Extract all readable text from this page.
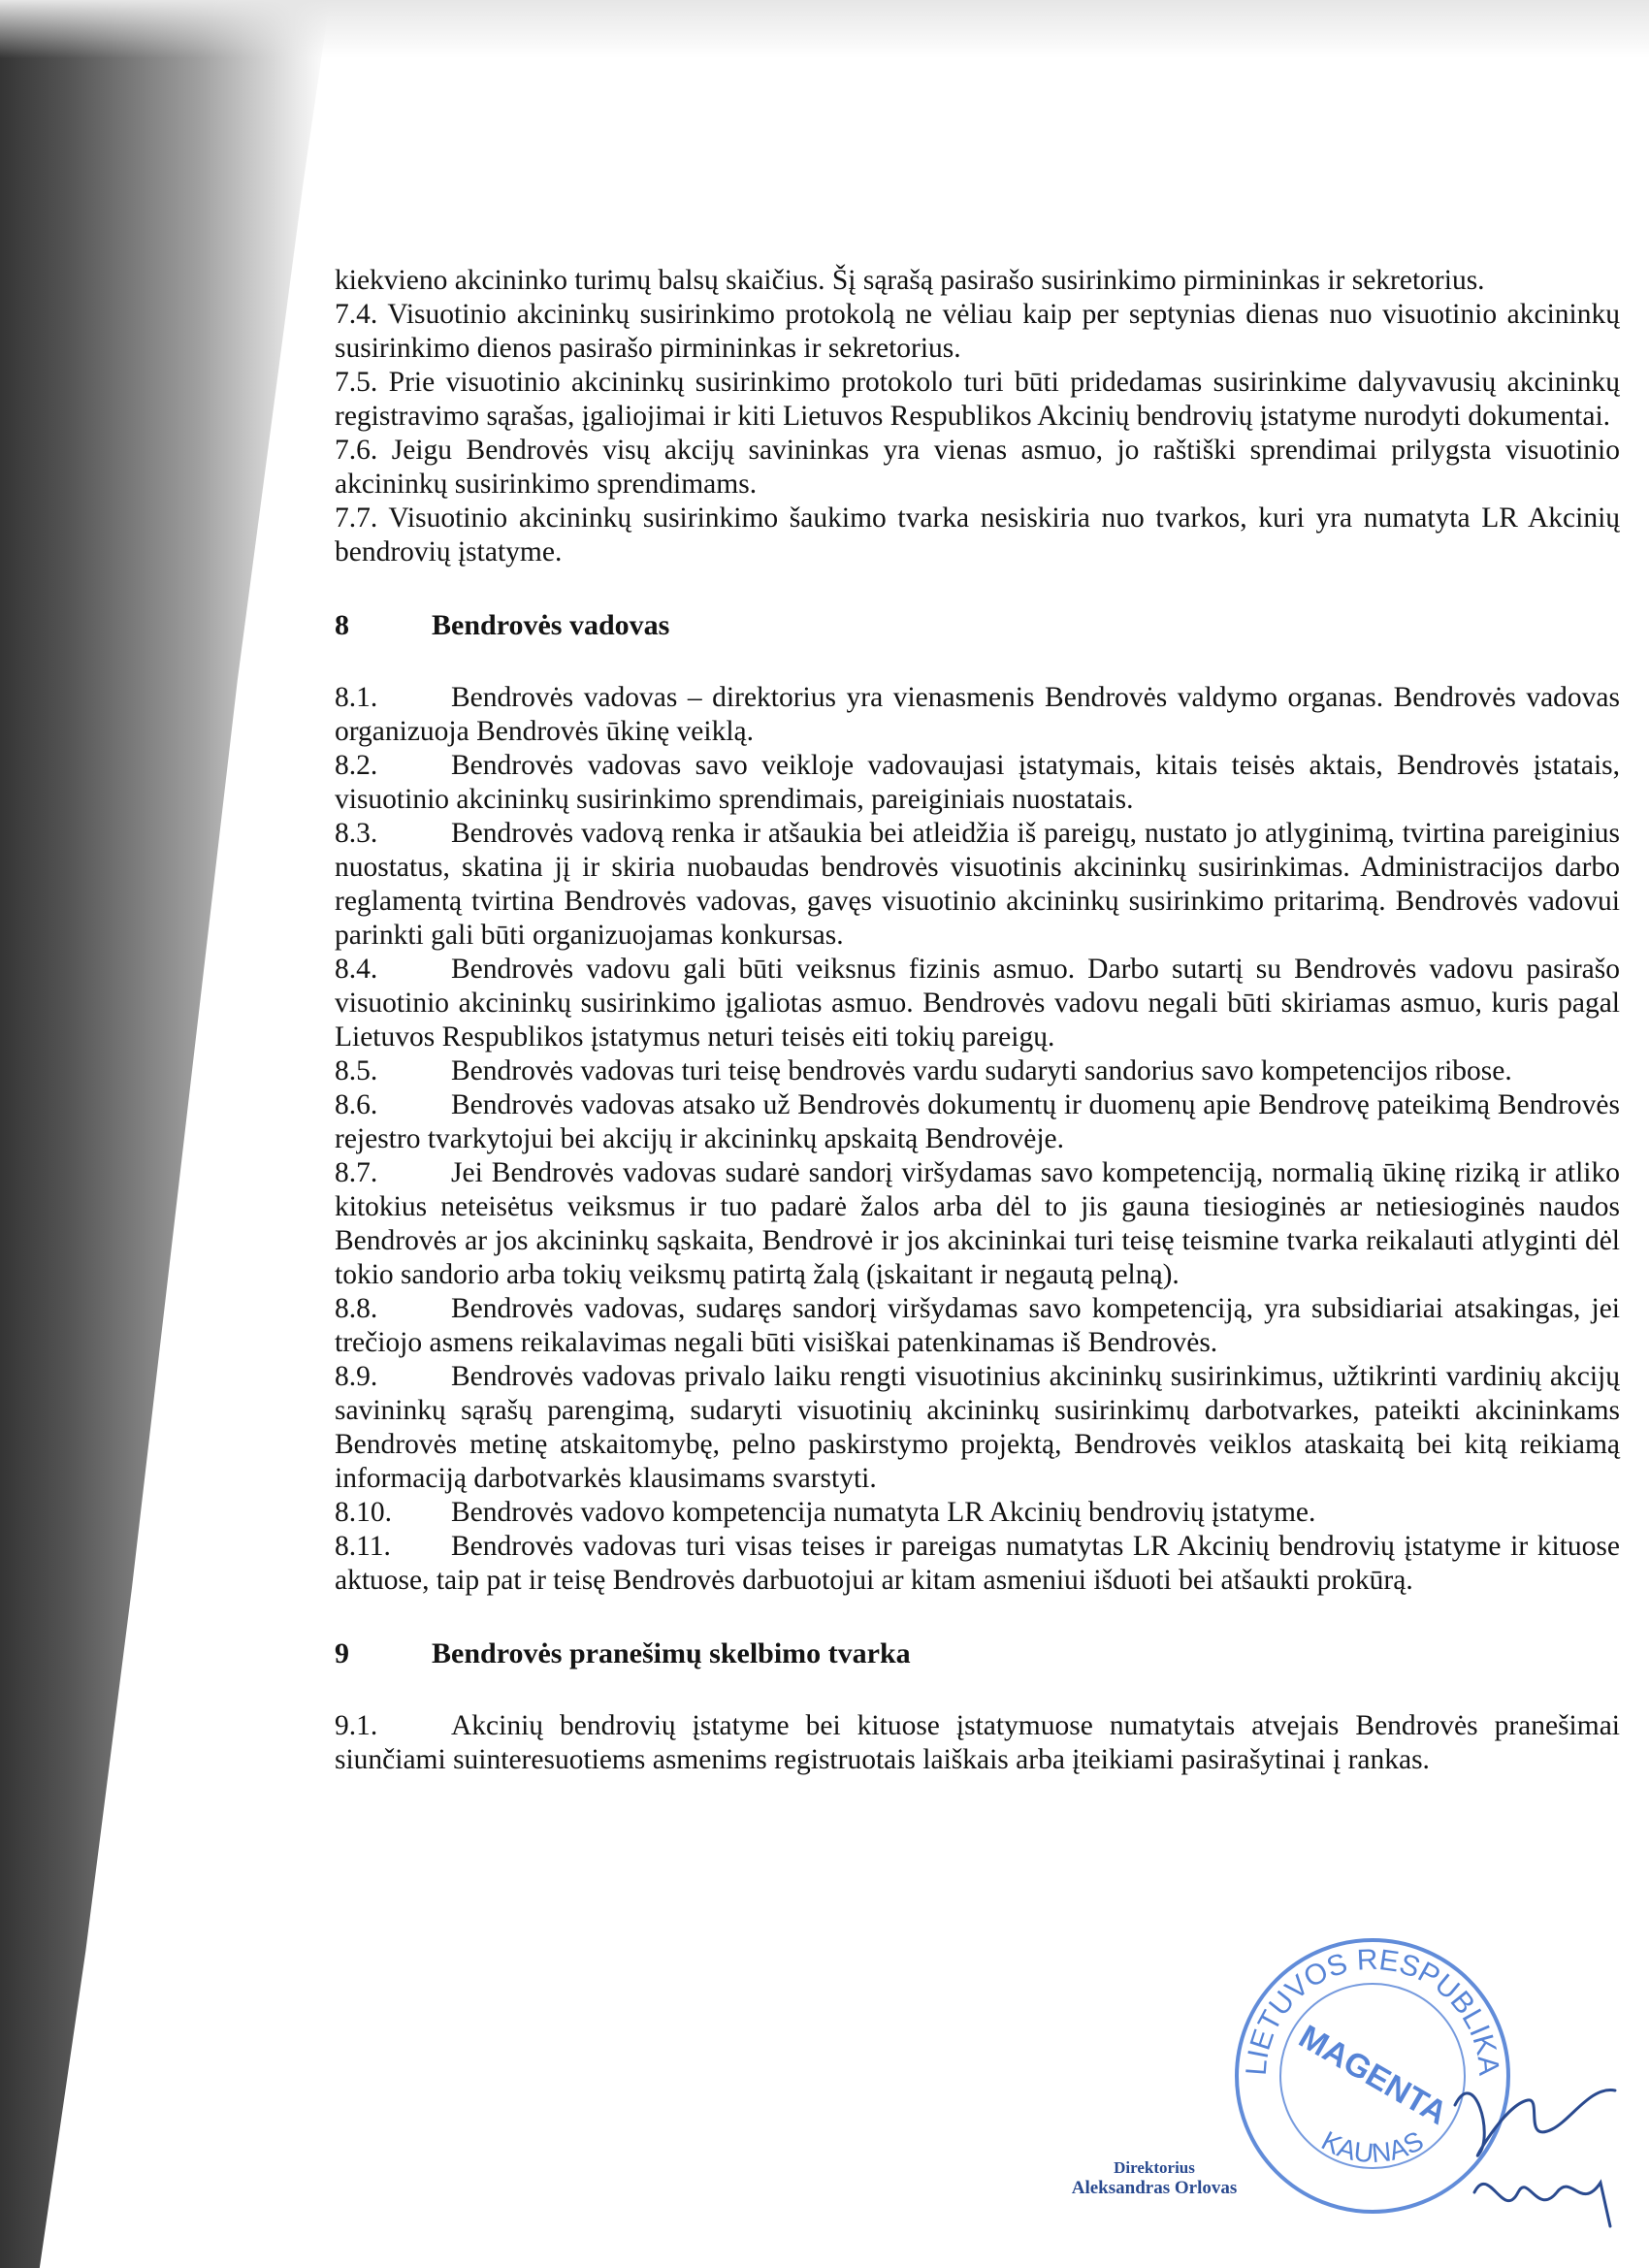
kiekvieno akcininko turimų balsų skaičius. Šį sąrašą pasirašo susirinkimo pirmininkas ir sekretorius.

7.4. Visuotinio akcininkų susirinkimo protokolą ne vėliau kaip per septynias dienas nuo visuotinio akcininkų susirinkimo dienos pasirašo pirmininkas ir sekretorius.

7.5. Prie visuotinio akcininkų susirinkimo protokolo turi būti pridedamas susirinkime dalyvavusių akcininkų registravimo sąrašas, įgaliojimai ir kiti Lietuvos Respublikos Akcinių bendrovių įstatyme nurodyti dokumentai.

7.6. Jeigu Bendrovės visų akcijų savininkas yra vienas asmuo, jo raštiški sprendimai prilygsta visuotinio akcininkų susirinkimo sprendimams.

7.7. Visuotinio akcininkų susirinkimo šaukimo tvarka nesiskiria nuo tvarkos, kuri yra numatyta LR Akcinių bendrovių įstatyme.

8	Bendrovės vadovas

8.1.	Bendrovės vadovas – direktorius yra vienasmenis Bendrovės valdymo organas. Bendrovės vadovas organizuoja Bendrovės ūkinę veiklą.

8.2.	Bendrovės vadovas savo veikloje vadovaujasi įstatymais, kitais teisės aktais, Bendrovės įstatais, visuotinio akcininkų susirinkimo sprendimais, pareiginiais nuostatais.

8.3.	Bendrovės vadovą renka ir atšaukia bei atleidžia iš pareigų, nustato jo atlyginimą, tvirtina pareiginius nuostatus, skatina jį ir skiria nuobaudas bendrovės visuotinis akcininkų susirinkimas. Administracijos darbo reglamentą tvirtina Bendrovės vadovas, gavęs visuotinio akcininkų susirinkimo pritarimą. Bendrovės vadovui parinkti gali būti organizuojamas konkursas.

8.4.	Bendrovės vadovu gali būti veiksnus fizinis asmuo. Darbo sutartį su Bendrovės vadovu pasirašo visuotinio akcininkų susirinkimo įgaliotas asmuo. Bendrovės vadovu negali būti skiriamas asmuo, kuris pagal Lietuvos Respublikos įstatymus neturi teisės eiti tokių pareigų.

8.5.	Bendrovės vadovas turi teisę bendrovės vardu sudaryti sandorius savo kompetencijos ribose.

8.6.	Bendrovės vadovas atsako už Bendrovės dokumentų ir duomenų apie Bendrovę pateikimą Bendrovės rejestro tvarkytojui bei akcijų ir akcininkų apskaitą Bendrovėje.

8.7.	Jei Bendrovės vadovas sudarė sandorį viršydamas savo kompetenciją, normalią ūkinę riziką ir atliko kitokius neteisėtus veiksmus ir tuo padarė žalos arba dėl to jis gauna tiesioginės ar netiesioginės naudos Bendrovės ar jos akcininkų sąskaita, Bendrovė ir jos akcininkai turi teisę teismine tvarka reikalauti atlyginti dėl tokio sandorio arba tokių veiksmų patirtą žalą (įskaitant ir negautą pelną).

8.8.	Bendrovės vadovas, sudaręs sandorį viršydamas savo kompetenciją, yra subsidiariai atsakingas, jei trečiojo asmens reikalavimas negali būti visiškai patenkinamas iš Bendrovės.

8.9.	Bendrovės vadovas privalo laiku rengti visuotinius akcininkų susirinkimus, užtikrinti vardinių akcijų savininkų sąrašų parengimą, sudaryti visuotinių akcininkų susirinkimų darbotvarkes, pateikti akcininkams Bendrovės metinę atskaitomybę, pelno paskirstymo projektą, Bendrovės veiklos ataskaitą bei kitą reikiamą informaciją darbotvarkės klausimams svarstyti.

8.10. Bendrovės vadovo kompetencija numatyta LR Akcinių bendrovių įstatyme.

8.11. Bendrovės vadovas turi visas teises ir pareigas numatytas LR Akcinių bendrovių įstatyme ir kituose aktuose, taip pat ir teisę Bendrovės darbuotojui ar kitam asmeniui išduoti bei atšaukti prokūrą.

9	Bendrovės pranešimų skelbimo tvarka

9.1.	Akcinių bendrovių įstatyme bei kituose įstatymuose numatytais atvejais Bendrovės pranešimai siunčiami suinteresuotiems asmenims registruotais laiškais arba įteikiami pasirašytinai į rankas.

LIETUVOS RESPUBLIKA
MAGENTA
KAUNAS
Direktorius
Aleksandras Orlovas
